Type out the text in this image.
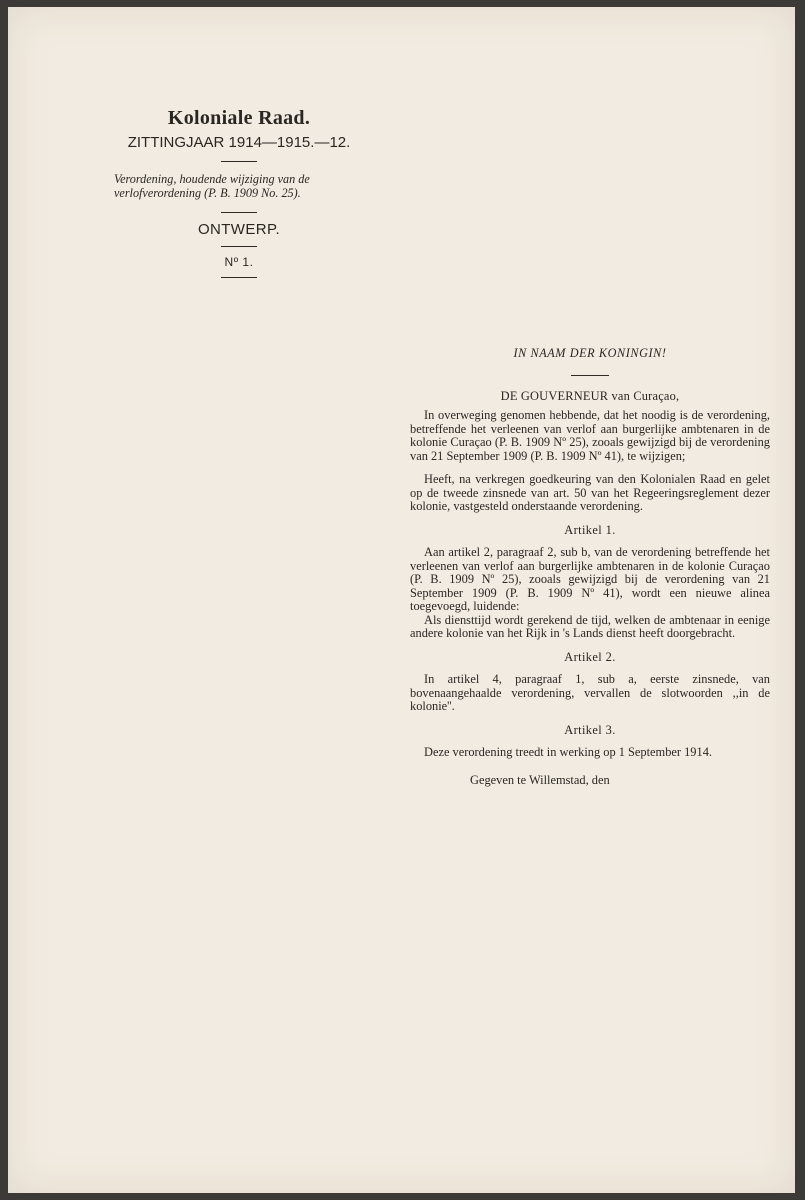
Koloniale Raad.
ZITTINGJAAR 1914—1915.—12.
Verordening, houdende wijziging van de verlofverordening (P. B. 1909 No. 25).
ONTWERP.
Nº 1.
IN NAAM DER KONINGIN!
DE GOUVERNEUR van Curaçao,

In overweging genomen hebbende, dat het noodig is de verordening, betreffende het verleenen van verlof aan burgerlijke ambtenaren in de kolonie Curaçao (P. B. 1909 Nº 25), zooals gewijzigd bij de verordening van 21 September 1909 (P. B. 1909 Nº 41), te wijzigen;

Heeft, na verkregen goedkeuring van den Kolonialen Raad en gelet op de tweede zinsnede van art. 50 van het Regeeringsreglement dezer kolonie, vastgesteld onderstaande verordening.

Artikel 1.

Aan artikel 2, paragraaf 2, sub b, van de verordening betreffende het verleenen van verlof aan burgerlijke ambtenaren in de kolonie Curaçao (P. B. 1909 Nº 25), zooals gewijzigd bij de verordening van 21 September 1909 (P. B. 1909 Nº 41), wordt een nieuwe alinea toegevoegd, luidende:

Als diensttijd wordt gerekend de tijd, welken de ambtenaar in eenige andere kolonie van het Rijk in 's Lands dienst heeft doorgebracht.

Artikel 2.

In artikel 4, paragraaf 1, sub a, eerste zinsnede, van bovenaangehaalde verordening, vervallen de slotwoorden ,,in de kolonie''.

Artikel 3.

Deze verordening treedt in werking op 1 September 1914.

Gegeven te Willemstad, den
